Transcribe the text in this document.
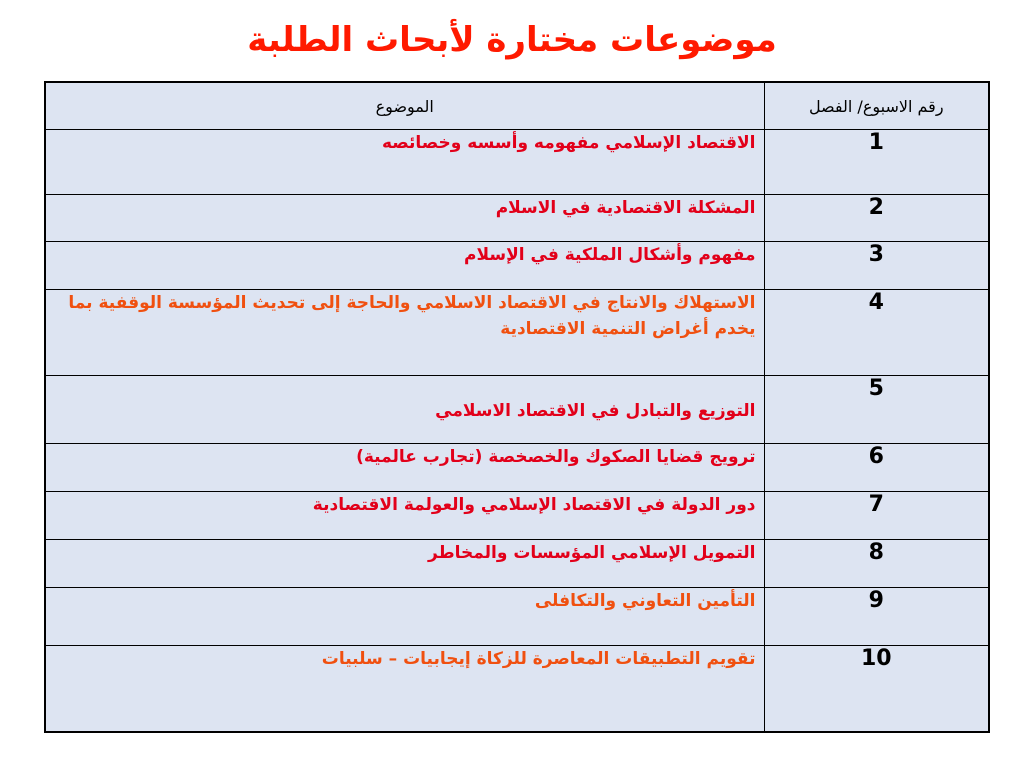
موضوعات مختارة لأبحاث الطلبة
رقم الاسبوع/ الفصل	الموضوع
1	الاقتصاد الإسلامي مفهومه وأسسه وخصائصه
2	المشكلة الاقتصادية في الاسلام
3	مفهوم وأشكال الملكية في الإسلام
4	الاستهلاك والانتاج في الاقتصاد الاسلامي والحاجة إلى تحديث المؤسسة الوقفية بما يخدم أغراض التنمية الاقتصادية
5	التوزيع والتبادل في الاقتصاد الاسلامي
6	ترويج قضايا الصكوك والخصخصة (تجارب عالمية)
7	دور الدولة في الاقتصاد الإسلامي والعولمة الاقتصادية
8	التمويل الإسلامي المؤسسات والمخاطر
9	التأمين التعاوني والتكافلى
10	تقويم التطبيقات المعاصرة للزكاة إيجابيات – سلبيات
